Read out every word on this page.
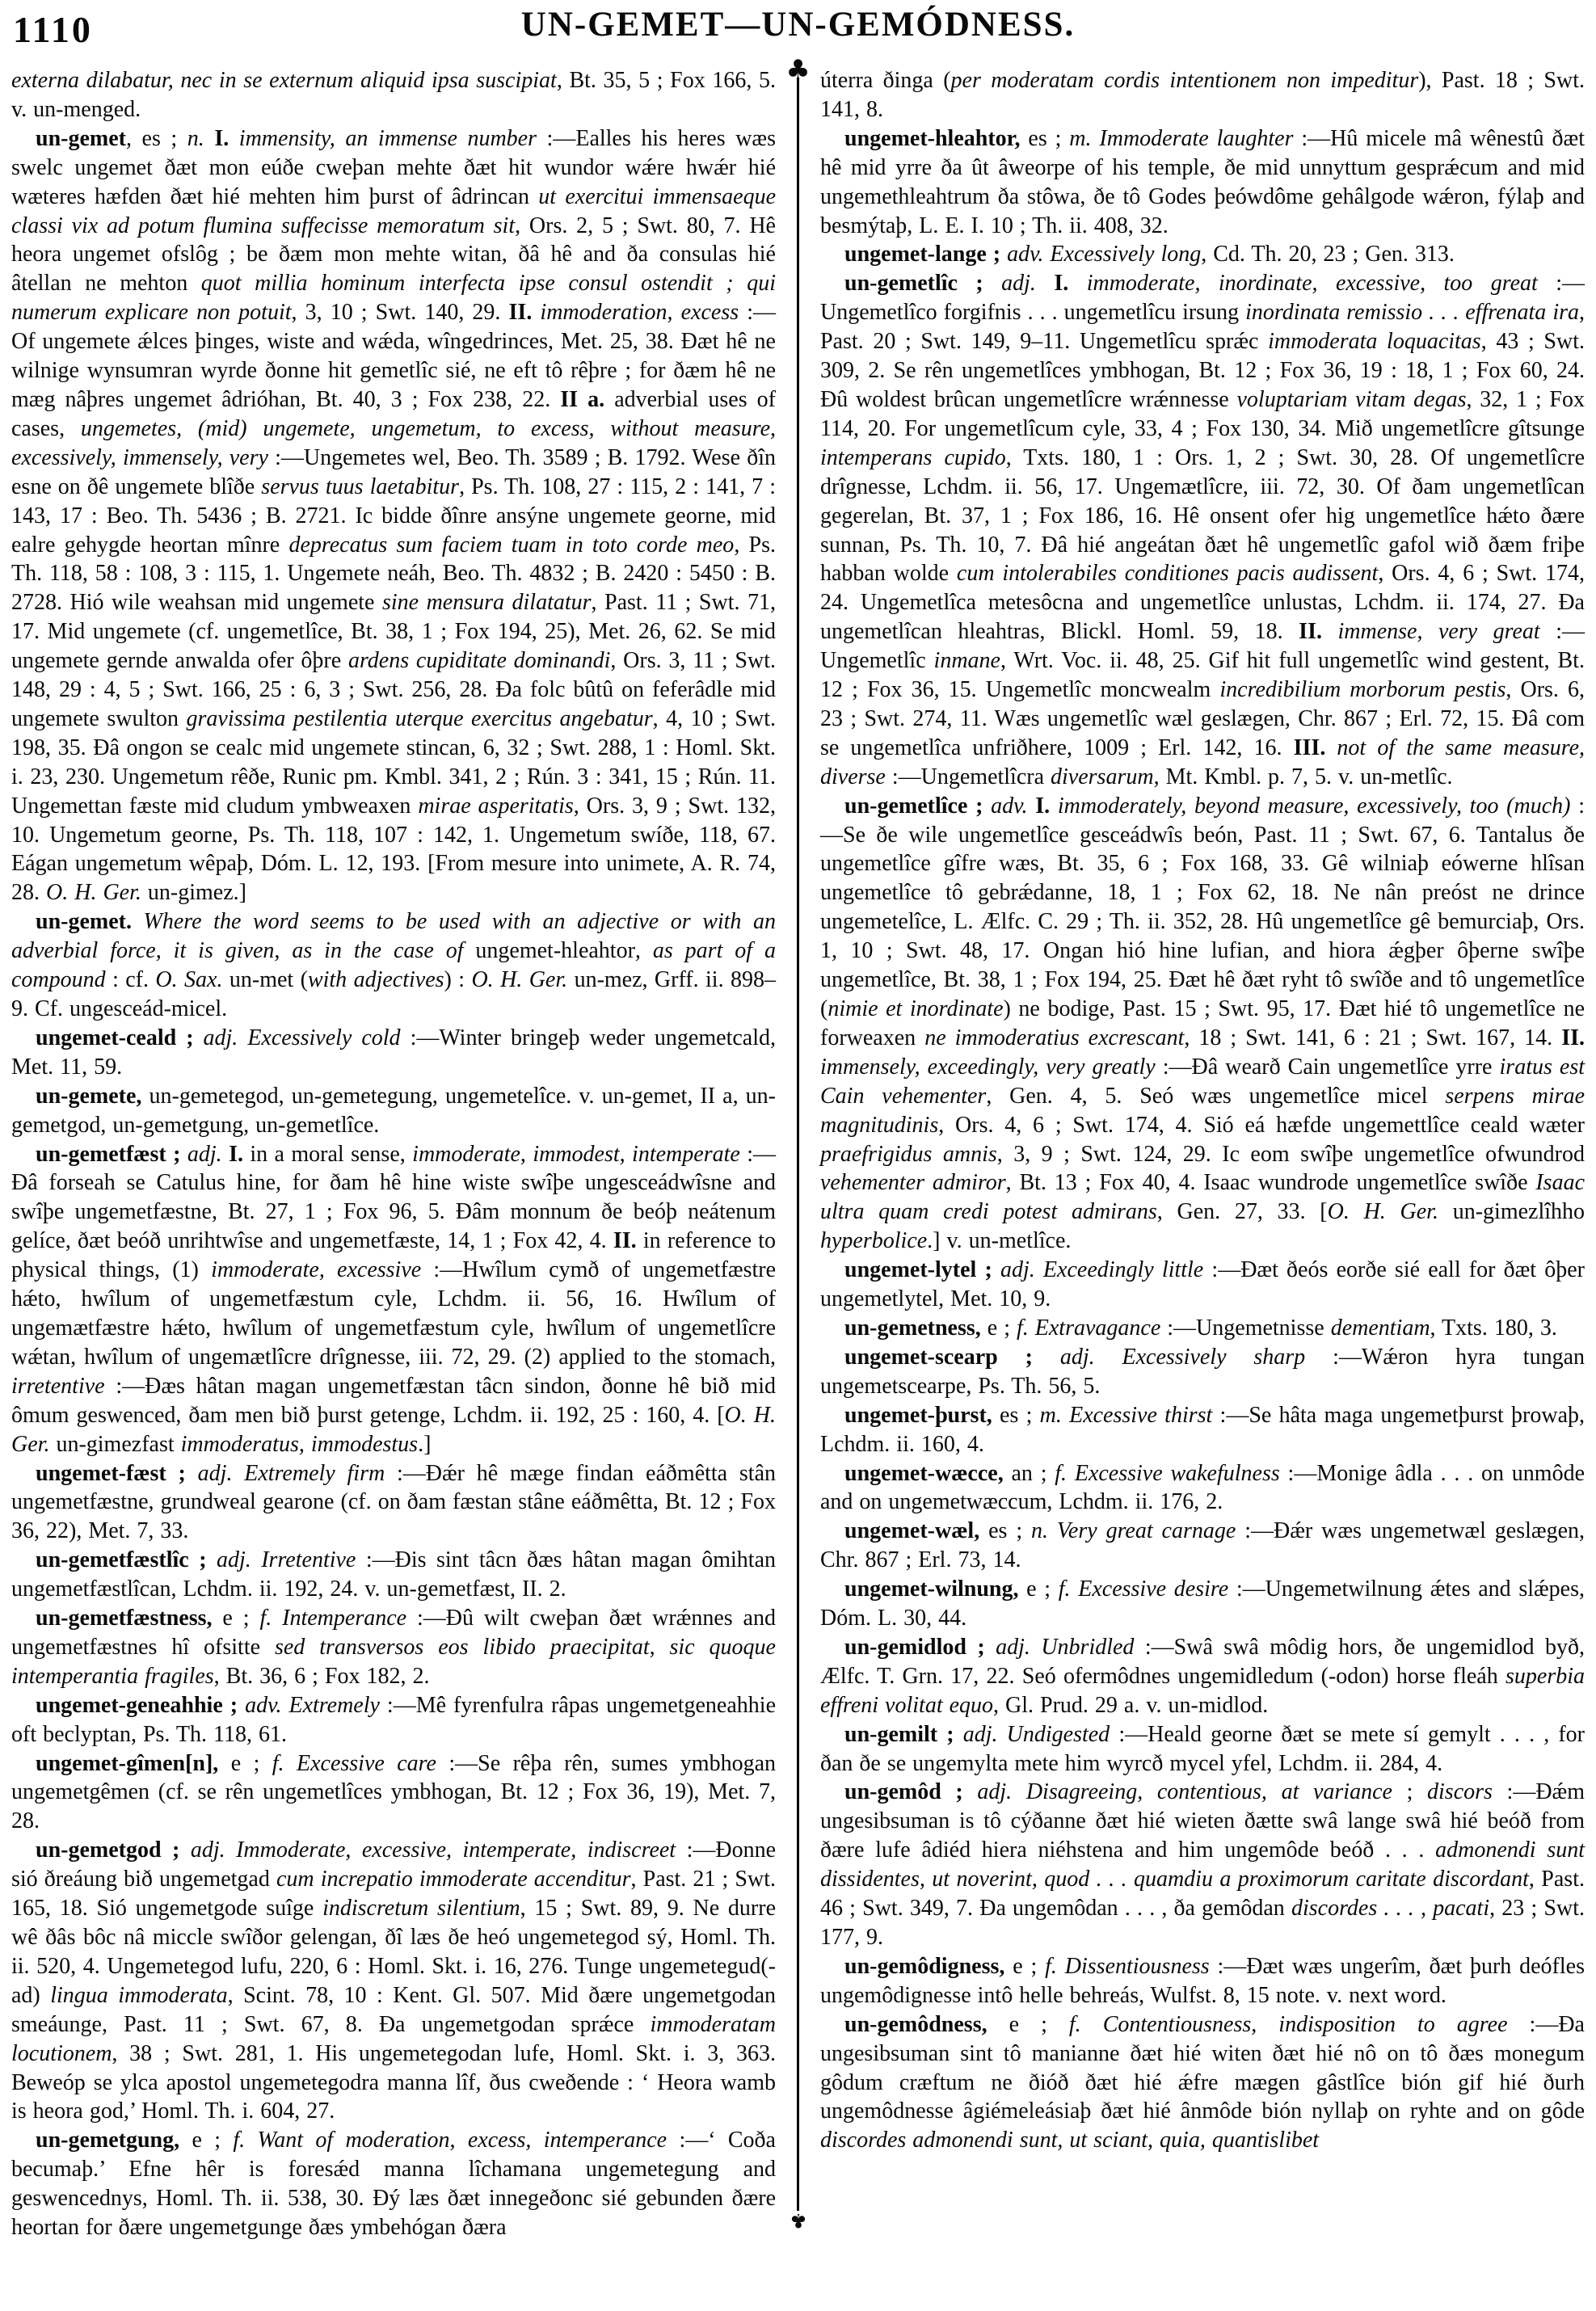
1110	UN-GEMET—UN-GEMÓDNESS.

externa dilabatur, nec in se externum aliquid ipsa suscipiat, Bt. 35, 5 ; Fox 166, 5. v. un-menged.

un-gemet, es ; n. I. immensity, an immense number :—Ealles his heres wæs swelc ungemet ðæt mon eúðe cweþan mehte ðæt hit wundor wǽre hwǽr hié wæteres hæfden ðæt hié mehten him þurst of âdrincan ut exercitui immensaeque classi vix ad potum flumina suffecisse memoratum sit, Ors. 2, 5 ; Swt. 80, 7. Hê heora ungemet ofslôg ; be ðæm mon mehte witan, ðâ hê and ða consulas hié âtellan ne mehton quot millia hominum interfecta ipse consul ostendit ; qui numerum explicare non potuit, 3, 10 ; Swt. 140, 29. II. immoderation, excess :—Of ungemete ǽlces þinges, wiste and wǽda, wîngedrinces, Met. 25, 38. Ðæt hê ne wilnige wynsumran wyrde ðonne hit gemetlîc sié, ne eft tô rêþre ; for ðæm hê ne mæg nâþres ungemet âdrióhan, Bt. 40, 3 ; Fox 238, 22. II a. adverbial uses of cases, ungemetes, (mid) ungemete, ungemetum, to excess, without measure, excessively, immensely, very :—Ungemetes wel, Beo. Th. 3589 ; B. 1792. Wese ðîn esne on ðê ungemete blîðe servus tuus laetabitur, Ps. Th. 108, 27 : 115, 2 : 141, 7 : 143, 17 : Beo. Th. 5436 ; B. 2721. Ic bidde ðînre ansýne ungemete georne, mid ealre gehygde heortan mînre deprecatus sum faciem tuam in toto corde meo, Ps. Th. 118, 58 : 108, 3 : 115, 1. Ungemete neáh, Beo. Th. 4832 ; B. 2420 : 5450 : B. 2728. Hió wile weahsan mid ungemete sine mensura dilatatur, Past. 11 ; Swt. 71, 17. Mid ungemete (cf. ungemetlîce, Bt. 38, 1 ; Fox 194, 25), Met. 26, 62. Se mid ungemete gernde anwalda ofer ôþre ardens cupiditate dominandi, Ors. 3, 11 ; Swt. 148, 29 : 4, 5 ; Swt. 166, 25 : 6, 3 ; Swt. 256, 28. Ða folc bûtû on feferâdle mid ungemete swulton gravissima pestilentia uterque exercitus angebatur, 4, 10 ; Swt. 198, 35. Ðâ ongon se cealc mid ungemete stincan, 6, 32 ; Swt. 288, 1 : Homl. Skt. i. 23, 230. Ungemetum rêðe, Runic pm. Kmbl. 341, 2 ; Rún. 3 : 341, 15 ; Rún. 11. Ungemettan fæste mid cludum ymbweaxen mirae asperitatis, Ors. 3, 9 ; Swt. 132, 10. Ungemetum georne, Ps. Th. 118, 107 : 142, 1. Ungemetum swíðe, 118, 67. Eágan ungemetum wêpaþ, Dóm. L. 12, 193. [From mesure into unimete, A. R. 74, 28. O. H. Ger. un-gimez.]

un-gemet. Where the word seems to be used with an adjective or with an adverbial force, it is given, as in the case of ungemet-hleahtor, as part of a compound : cf. O. Sax. un-met (with adjectives) : O. H. Ger. un-mez, Grff. ii. 898–9. Cf. ungesceád-micel.

ungemet-ceald ; adj. Excessively cold :—Winter bringeþ weder ungemetcald, Met. 11, 59.

un-gemete, un-gemetegod, un-gemetegung, ungemetelîce. v. un-gemet, II a, un-gemetgod, un-gemetgung, un-gemetlîce.

un-gemetfæst ; adj. I. in a moral sense, immoderate, immodest, intemperate :—Ðâ forseah se Catulus hine, for ðam hê hine wiste swîþe ungesceádwîsne and swîþe ungemetfæstne, Bt. 27, 1 ; Fox 96, 5. Ðâm monnum ðe beóþ neátenum gelíce, ðæt beóð unrihtwîse and ungemetfæste, 14, 1 ; Fox 42, 4. II. in reference to physical things, (1) immoderate, excessive :—Hwîlum cymð of ungemetfæstre hǽto, hwîlum of ungemetfæstum cyle, Lchdm. ii. 56, 16. Hwîlum of ungemætfæstre hǽto, hwîlum of ungemetfæstum cyle, hwîlum of ungemetlîcre wǽtan, hwîlum of ungemætlîcre drîgnesse, iii. 72, 29. (2) applied to the stomach, irretentive :—Ðæs hâtan magan ungemetfæstan tâcn sindon, ðonne hê bið mid ômum geswenced, ðam men bið þurst getenge, Lchdm. ii. 192, 25 : 160, 4. [O. H. Ger. un-gimezfast immoderatus, immodestus.]

ungemet-fæst ; adj. Extremely firm :—Ðǽr hê mæge findan eáðmêtta stân ungemetfæstne, grundweal gearone (cf. on ðam fæstan stâne eáðmêtta, Bt. 12 ; Fox 36, 22), Met. 7, 33.

un-gemetfæstlîc ; adj. Irretentive :—Ðis sint tâcn ðæs hâtan magan ômihtan ungemetfæstlîcan, Lchdm. ii. 192, 24. v. un-gemetfæst, II. 2.

un-gemetfæstness, e ; f. Intemperance :—Ðû wilt cweþan ðæt wrǽnnes and ungemetfæstnes hî ofsitte sed transversos eos libido praecipitat, sic quoque intemperantia fragiles, Bt. 36, 6 ; Fox 182, 2.

ungemet-geneahhie ; adv. Extremely :—Mê fyrenfulra râpas ungemetgeneahhie oft beclyptan, Ps. Th. 118, 61.

ungemet-gîmen[n], e ; f. Excessive care :—Se rêþa rên, sumes ymbhogan ungemetgêmen (cf. se rên ungemetlîces ymbhogan, Bt. 12 ; Fox 36, 19), Met. 7, 28.

un-gemetgod ; adj. Immoderate, excessive, intemperate, indiscreet :—Ðonne sió ðreáung bið ungemetgad cum increpatio immoderate accenditur, Past. 21 ; Swt. 165, 18. Sió ungemetgode suîge indiscretum silentium, 15 ; Swt. 89, 9. Ne durre wê ðâs bôc nâ miccle swîðor gelengan, ðî læs ðe heó ungemetegod sý, Homl. Th. ii. 520, 4. Ungemetegod lufu, 220, 6 : Homl. Skt. i. 16, 276. Tunge ungemetegud(-ad) lingua immoderata, Scint. 78, 10 : Kent. Gl. 507. Mid ðære ungemetgodan smeáunge, Past. 11 ; Swt. 67, 8. Ða ungemetgodan sprǽce immoderatam locutionem, 38 ; Swt. 281, 1. His ungemetegodan lufe, Homl. Skt. i. 3, 363. Beweóp se ylca apostol ungemetegodra manna lîf, ðus cweðende : ‘ Heora wamb is heora god,’ Homl. Th. i. 604, 27.

un-gemetgung, e ; f. Want of moderation, excess, intemperance :—‘ Coða becumaþ.’ Efne hêr is foresǽd manna lîchamana ungemetegung and geswencednys, Homl. Th. ii. 538, 30. Ðý læs ðæt innegeðonc sié gebunden ðære heortan for ðære ungemetgunge ðæs ymbehógan ðæra

♣
♣

úterra ðinga (per moderatam cordis intentionem non impeditur), Past. 18 ; Swt. 141, 8.

ungemet-hleahtor, es ; m. Immoderate laughter :—Hû micele mâ wênestû ðæt hê mid yrre ða ût âweorpe of his temple, ðe mid unnyttum gesprǽcum and mid ungemethleahtrum ða stôwa, ðe tô Godes þeówdôme gehâlgode wǽron, fýlaþ and besmýtaþ, L. E. I. 10 ; Th. ii. 408, 32.

ungemet-lange ; adv. Excessively long, Cd. Th. 20, 23 ; Gen. 313.

un-gemetlîc ; adj. I. immoderate, inordinate, excessive, too great :—Ungemetlîco forgifnis . . . ungemetlîcu irsung inordinata remissio . . . effrenata ira, Past. 20 ; Swt. 149, 9–11. Ungemetlîcu sprǽc immoderata loquacitas, 43 ; Swt. 309, 2. Se rên ungemetlîces ymbhogan, Bt. 12 ; Fox 36, 19 : 18, 1 ; Fox 60, 24. Ðû woldest brûcan ungemetlîcre wrǽnnesse voluptariam vitam degas, 32, 1 ; Fox 114, 20. For ungemetlîcum cyle, 33, 4 ; Fox 130, 34. Mið ungemetlîcre gîtsunge intemperans cupido, Txts. 180, 1 : Ors. 1, 2 ; Swt. 30, 28. Of ungemetlîcre drîgnesse, Lchdm. ii. 56, 17. Ungemætlîcre, iii. 72, 30. Of ðam ungemetlîcan gegerelan, Bt. 37, 1 ; Fox 186, 16. Hê onsent ofer hig ungemetlîce hǽto ðære sunnan, Ps. Th. 10, 7. Ðâ hié angeátan ðæt hê ungemetlîc gafol wið ðæm friþe habban wolde cum intolerabiles conditiones pacis audissent, Ors. 4, 6 ; Swt. 174, 24. Ungemetlîca metesôcna and ungemetlîce unlustas, Lchdm. ii. 174, 27. Ða ungemetlîcan hleahtras, Blickl. Homl. 59, 18. II. immense, very great :—Ungemetlîc inmane, Wrt. Voc. ii. 48, 25. Gif hit full ungemetlîc wind gestent, Bt. 12 ; Fox 36, 15. Ungemetlîc moncwealm incredibilium morborum pestis, Ors. 6, 23 ; Swt. 274, 11. Wæs ungemetlîc wæl geslægen, Chr. 867 ; Erl. 72, 15. Ðâ com se ungemetlîca unfriðhere, 1009 ; Erl. 142, 16. III. not of the same measure, diverse :—Ungemetlîcra diversarum, Mt. Kmbl. p. 7, 5. v. un-metlîc.

un-gemetlîce ; adv. I. immoderately, beyond measure, excessively, too (much) :—Se ðe wile ungemetlîce gesceádwîs beón, Past. 11 ; Swt. 67, 6. Tantalus ðe ungemetlîce gîfre wæs, Bt. 35, 6 ; Fox 168, 33. Gê wilniaþ eówerne hlîsan ungemetlîce tô gebrǽdanne, 18, 1 ; Fox 62, 18. Ne nân preóst ne drince ungemetelîce, L. Ælfc. C. 29 ; Th. ii. 352, 28. Hû ungemetlîce gê bemurciaþ, Ors. 1, 10 ; Swt. 48, 17. Ongan hió hine lufian, and hiora ǽgþer ôþerne swîþe ungemetlîce, Bt. 38, 1 ; Fox 194, 25. Ðæt hê ðæt ryht tô swîðe and tô ungemetlîce (nimie et inordinate) ne bodige, Past. 15 ; Swt. 95, 17. Ðæt hié tô ungemetlîce ne forweaxen ne immoderatius excrescant, 18 ; Swt. 141, 6 : 21 ; Swt. 167, 14. II. immensely, exceedingly, very greatly :—Ðâ wearð Cain ungemetlîce yrre iratus est Cain vehementer, Gen. 4, 5. Seó wæs ungemetlîce micel serpens mirae magnitudinis, Ors. 4, 6 ; Swt. 174, 4. Sió eá hæfde ungemettlîce ceald wæter praefrigidus amnis, 3, 9 ; Swt. 124, 29. Ic eom swîþe ungemetlîce ofwundrod vehementer admiror, Bt. 13 ; Fox 40, 4. Isaac wundrode ungemetlîce swîðe Isaac ultra quam credi potest admirans, Gen. 27, 33. [O. H. Ger. un-gimezlîhho hyperbolice.] v. un-metlîce.

ungemet-lytel ; adj. Exceedingly little :—Ðæt ðeós eorðe sié eall for ðæt ôþer ungemetlytel, Met. 10, 9.

un-gemetness, e ; f. Extravagance :—Ungemetnisse dementiam, Txts. 180, 3.

ungemet-scearp ; adj. Excessively sharp :—Wǽron hyra tungan ungemetscearpe, Ps. Th. 56, 5.

ungemet-þurst, es ; m. Excessive thirst :—Se hâta maga ungemetþurst þrowaþ, Lchdm. ii. 160, 4.

ungemet-wæcce, an ; f. Excessive wakefulness :—Monige âdla . . . on unmôde and on ungemetwæccum, Lchdm. ii. 176, 2.

ungemet-wæl, es ; n. Very great carnage :—Ðǽr wæs ungemetwæl geslægen, Chr. 867 ; Erl. 73, 14.

ungemet-wilnung, e ; f. Excessive desire :—Ungemetwilnung ǽtes and slǽpes, Dóm. L. 30, 44.

un-gemidlod ; adj. Unbridled :—Swâ swâ môdig hors, ðe ungemidlod byð, Ælfc. T. Grn. 17, 22. Seó ofermôdnes ungemidledum (-odon) horse fleáh superbia effreni volitat equo, Gl. Prud. 29 a. v. un-midlod.

un-gemilt ; adj. Undigested :—Heald georne ðæt se mete sí gemylt . . . , for ðan ðe se ungemylta mete him wyrcð mycel yfel, Lchdm. ii. 284, 4.

un-gemôd ; adj. Disagreeing, contentious, at variance ; discors :—Ðǽm ungesibsuman is tô cýðanne ðæt hié wieten ðætte swâ lange swâ hié beóð from ðære lufe âdiéd hiera niéhstena and him ungemôde beóð . . . admonendi sunt dissidentes, ut noverint, quod . . . quamdiu a proximorum caritate discordant, Past. 46 ; Swt. 349, 7. Ða ungemôdan . . . , ða gemôdan discordes . . . , pacati, 23 ; Swt. 177, 9.

un-gemôdigness, e ; f. Dissentiousness :—Ðæt wæs ungerîm, ðæt þurh deófles ungemôdignesse intô helle behreás, Wulfst. 8, 15 note. v. next word.

un-gemôdness, e ; f. Contentiousness, indisposition to agree :—Ða ungesibsuman sint tô manianne ðæt hié witen ðæt hié nô on tô ðæs monegum gôdum cræftum ne ðióð ðæt hié ǽfre mægen gâstlîce bión gif hié ðurh ungemôdnesse âgiémeleásiaþ ðæt hié ânmôde bión nyllaþ on ryhte and on gôde discordes admonendi sunt, ut sciant, quia, quantislibet
